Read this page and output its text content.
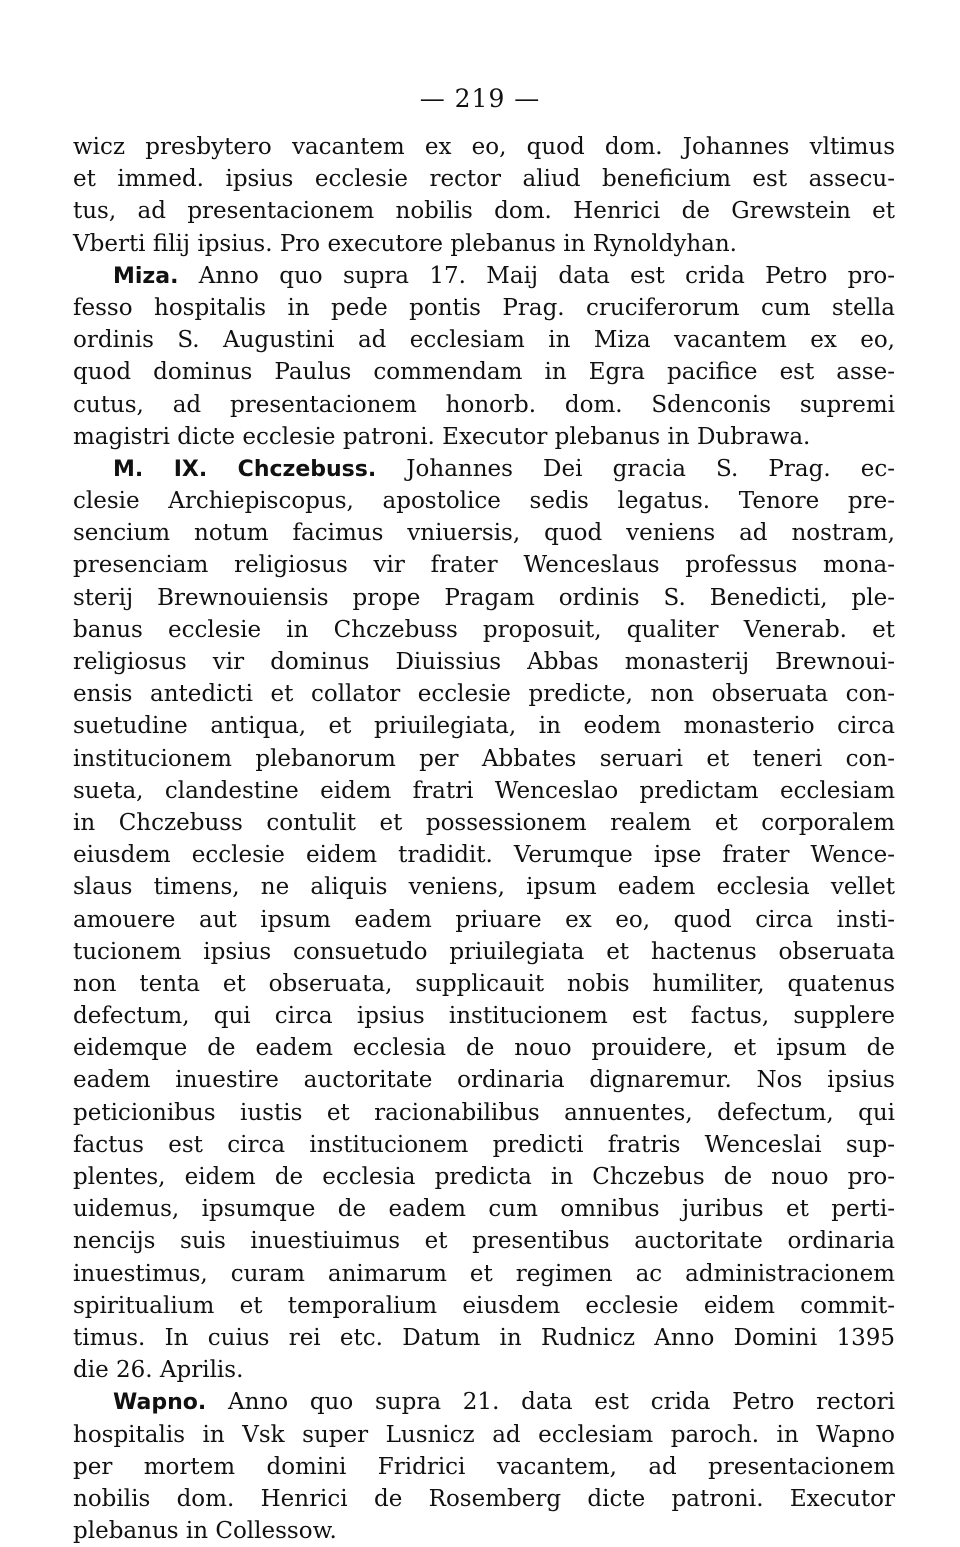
— 219 —
wicz presbytero vacantem ex eo, quod dom. Johannes vltimus
et immed. ipsius ecclesie rector aliud beneficium est assecu-
tus, ad presentacionem nobilis dom. Henrici de Grewstein et
Vberti filij ipsius. Pro executore plebanus in Rynoldyhan.
Miza. Anno quo supra 17. Maij data est crida Petro pro-
fesso hospitalis in pede pontis Prag. cruciferorum cum stella
ordinis S. Augustini ad ecclesiam in Miza vacantem ex eo,
quod dominus Paulus commendam in Egra pacifice est asse-
cutus, ad presentacionem honorb. dom. Sdenconis supremi
magistri dicte ecclesie patroni. Executor plebanus in Dubrawa.
M. IX. Chczebuss. Johannes Dei gracia S. Prag. ec-
clesie Archiepiscopus, apostolice sedis legatus. Tenore pre-
sencium notum facimus vniuersis, quod veniens ad nostram,
presenciam religiosus vir frater Wenceslaus professus mona-
sterij Brewnouiensis prope Pragam ordinis S. Benedicti, ple-
banus ecclesie in Chczebuss proposuit, qualiter Venerab. et
religiosus vir dominus Diuissius Abbas monasterij Brewnoui-
ensis antedicti et collator ecclesie predicte, non obseruata con-
suetudine antiqua, et priuilegiata, in eodem monasterio circa
institucionem plebanorum per Abbates seruari et teneri con-
sueta, clandestine eidem fratri Wenceslao predictam ecclesiam
in Chczebuss contulit et possessionem realem et corporalem
eiusdem ecclesie eidem tradidit. Verumque ipse frater Wence-
slaus timens, ne aliquis veniens, ipsum eadem ecclesia vellet
amouere aut ipsum eadem priuare ex eo, quod circa insti-
tucionem ipsius consuetudo priuilegiata et hactenus obseruata
non tenta et obseruata, supplicauit nobis humiliter, quatenus
defectum, qui circa ipsius institucionem est factus, supplere
eidemque de eadem ecclesia de nouo prouidere, et ipsum de
eadem inuestire auctoritate ordinaria dignaremur. Nos ipsius
peticionibus iustis et racionabilibus annuentes, defectum, qui
factus est circa institucionem predicti fratris Wenceslai sup-
plentes, eidem de ecclesia predicta in Chczebus de nouo pro-
uidemus, ipsumque de eadem cum omnibus juribus et perti-
nencijs suis inuestiuimus et presentibus auctoritate ordinaria
inuestimus, curam animarum et regimen ac administracionem
spiritualium et temporalium eiusdem ecclesie eidem commit-
timus. In cuius rei etc. Datum in Rudnicz Anno Domini 1395
die 26. Aprilis.
Wapno. Anno quo supra 21. data est crida Petro rectori
hospitalis in Vsk super Lusnicz ad ecclesiam paroch. in Wapno
per mortem domini Fridrici vacantem, ad presentacionem
nobilis dom. Henrici de Rosemberg dicte patroni. Executor
plebanus in Collessow.
